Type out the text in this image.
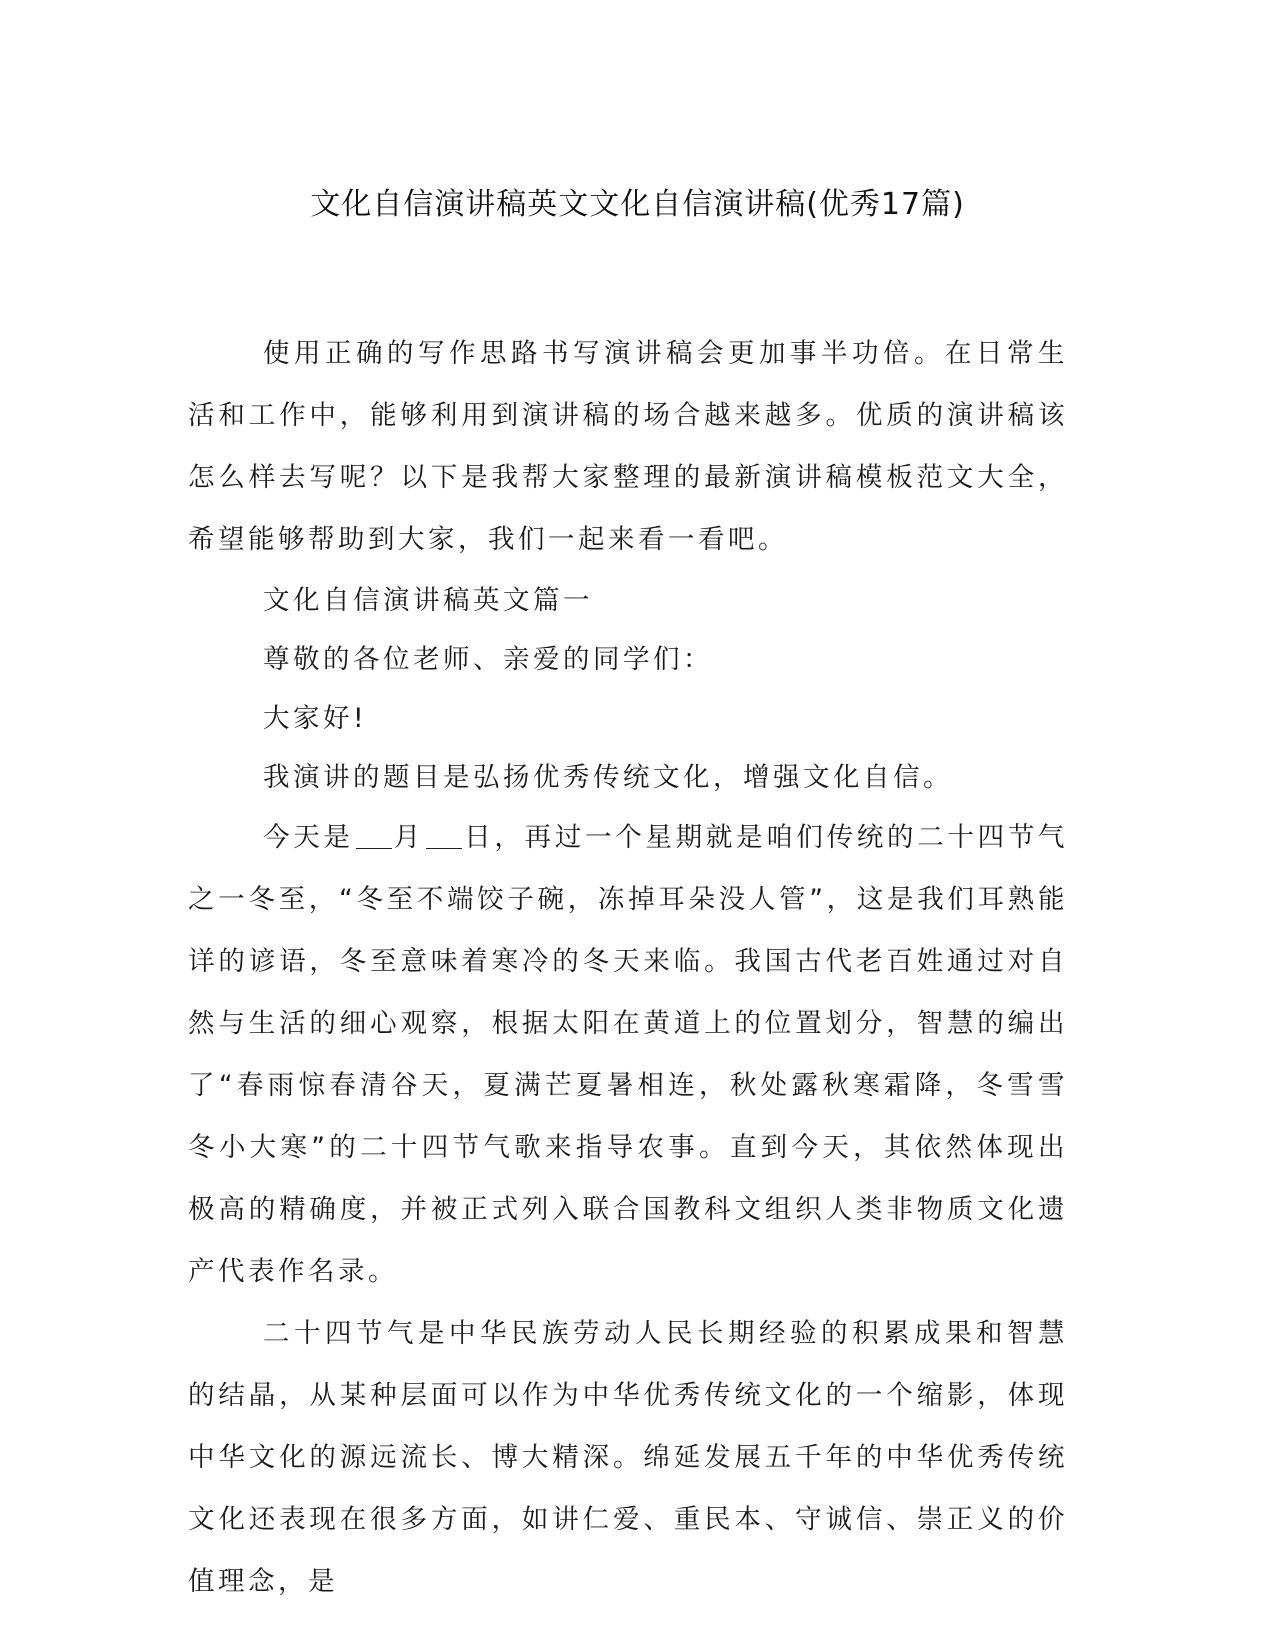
文化自信演讲稿英文文化自信演讲稿(优秀17篇)

使用正确的写作思路书写演讲稿会更加事半功倍。在日常生活和工作中，能够利用到演讲稿的场合越来越多。优质的演讲稿该怎么样去写呢？以下是我帮大家整理的最新演讲稿模板范文大全，希望能够帮助到大家，我们一起来看一看吧。

文化自信演讲稿英文篇一

尊敬的各位老师、亲爱的同学们：

大家好!

我演讲的题目是弘扬优秀传统文化，增强文化自信。

今天是 月 日，再过一个星期就是咱们传统的二十四节气之一冬至，“冬至不端饺子碗，冻掉耳朵没人管”，这是我们耳熟能详的谚语，冬至意味着寒冷的冬天来临。我国古代老百姓通过对自然与生活的细心观察，根据太阳在黄道上的位置划分，智慧的编出了“春雨惊春清谷天，夏满芒夏暑相连，秋处露秋寒霜降，冬雪雪冬小大寒”的二十四节气歌来指导农事。直到今天，其依然体现出极高的精确度，并被正式列入联合国教科文组织人类非物质文化遗产代表作名录。

二十四节气是中华民族劳动人民长期经验的积累成果和智慧的结晶，从某种层面可以作为中华优秀传统文化的一个缩影，体现中华文化的源远流长、博大精深。绵延发展五千年的中华优秀传统文化还表现在很多方面，如讲仁爱、重民本、守诚信、崇正义的价值理念，是
